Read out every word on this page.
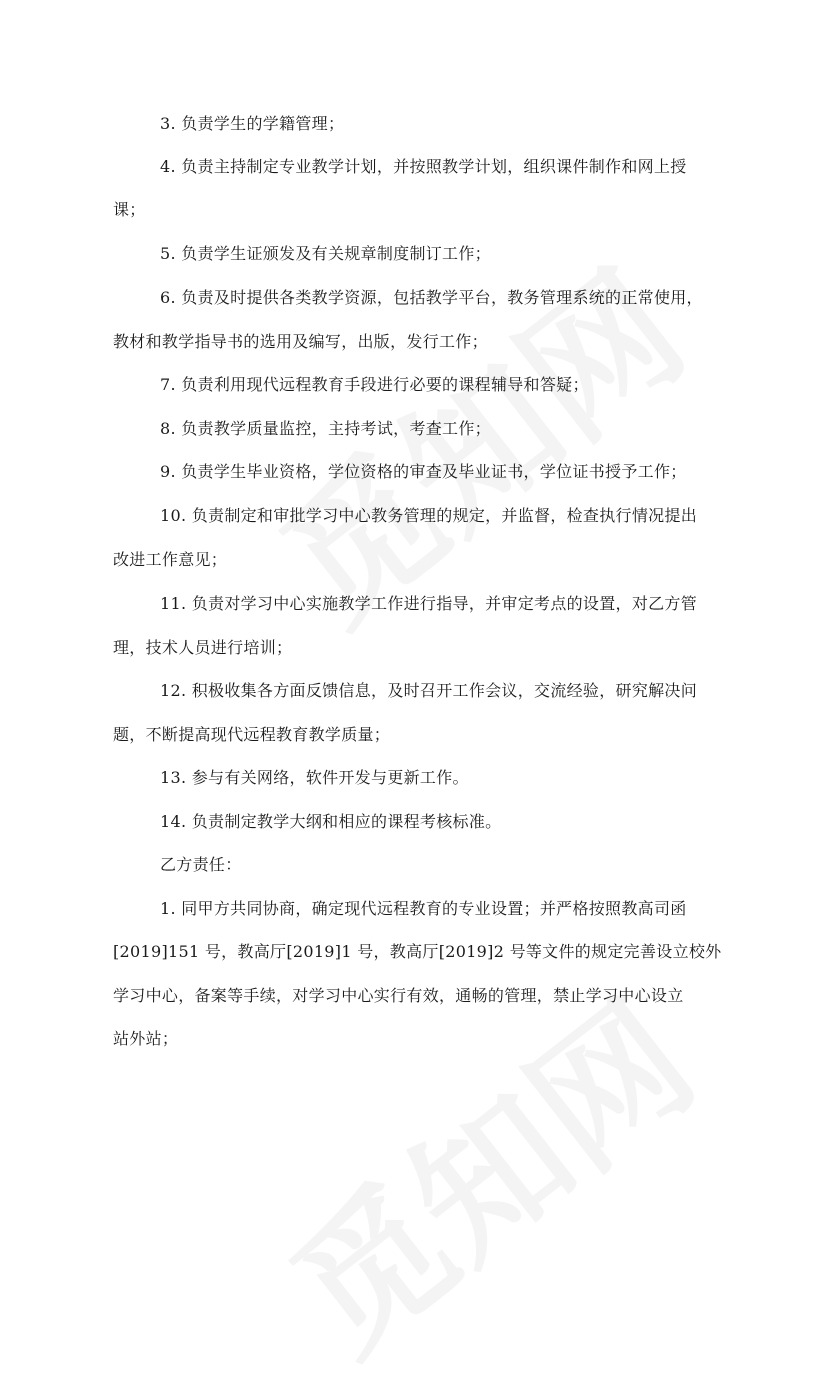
3. 负责学生的学籍管理；
4. 负责主持制定专业教学计划，并按照教学计划，组织课件制作和网上授
课；
5. 负责学生证颁发及有关规章制度制订工作；
6. 负责及时提供各类教学资源，包括教学平台，教务管理系统的正常使用，
教材和教学指导书的选用及编写，出版，发行工作；
7. 负责利用现代远程教育手段进行必要的课程辅导和答疑；
8. 负责教学质量监控，主持考试，考查工作；
9. 负责学生毕业资格，学位资格的审查及毕业证书，学位证书授予工作；
10. 负责制定和审批学习中心教务管理的规定，并监督，检查执行情况提出
改进工作意见；
11. 负责对学习中心实施教学工作进行指导，并审定考点的设置，对乙方管
理，技术人员进行培训；
12. 积极收集各方面反馈信息，及时召开工作会议，交流经验，研究解决问
题，不断提高现代远程教育教学质量；
13. 参与有关网络，软件开发与更新工作。
14. 负责制定教学大纲和相应的课程考核标准。
乙方责任：
1. 同甲方共同协商，确定现代远程教育的专业设置；并严格按照教高司函
[2019]151 号，教高厅[2019]1 号，教高厅[2019]2 号等文件的规定完善设立校外
学习中心，备案等手续，对学习中心实行有效，通畅的管理，禁止学习中心设立
站外站；
